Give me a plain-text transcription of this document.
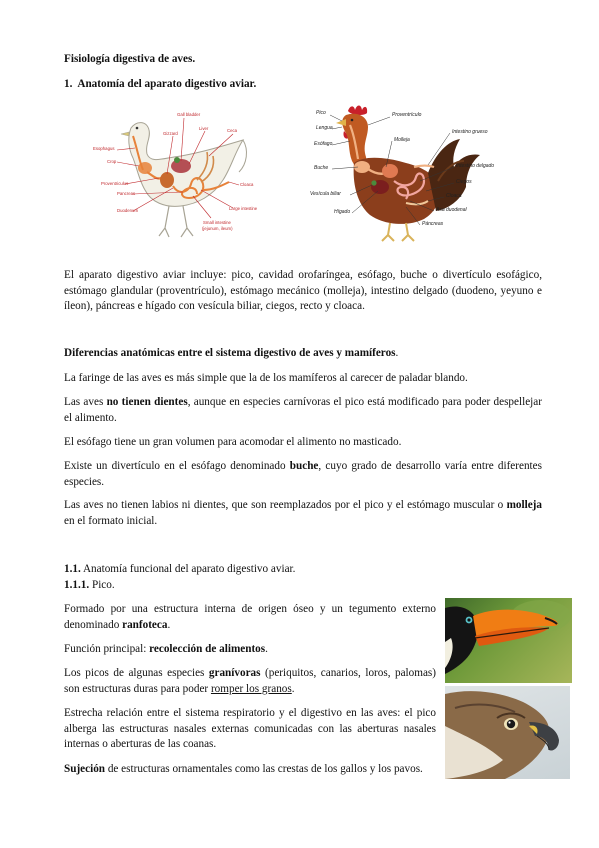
Fisiología digestiva de aves.

1. Anatomía del aparato digestivo aviar.

Gall bladder
Gizzard
Liver	Ceca
Esophagus
Crop
Proventriculus
Pancreas
Cloaca
Duodenum	Large intestine
Small intestine
(jejunum, ileum)
Pico	Proventrículo
Lengua
Molleja
Intestino grueso
Esófago
Intestino delgado
Buche
Ciegos
Vesícula biliar	Cloaca
Hígado	Asa duodenal
Páncreas

El aparato digestivo aviar incluye: pico, cavidad orofaríngea, esófago, buche o divertículo esofágico, estómago glandular (proventrículo), estómago mecánico (molleja), intestino delgado (duodeno, yeyuno e íleon), páncreas e hígado con vesícula biliar, ciegos, recto y cloaca.

Diferencias anatómicas entre el sistema digestivo de aves y mamíferos.

La faringe de las aves es más simple que la de los mamíferos al carecer de paladar blando.

Las aves no tienen dientes, aunque en especies carnívoras el pico está modificado para poder despellejar el alimento.

El esófago tiene un gran volumen para acomodar el alimento no masticado.

Existe un divertículo en el esófago denominado buche, cuyo grado de desarrollo varía entre diferentes especies.

Las aves no tienen labios ni dientes, que son reemplazados por el pico y el estómago muscular o molleja en el formato inicial.

1.1. Anatomía funcional del aparato digestivo aviar.

1.1.1. Pico.

Formado por una estructura interna de origen óseo y un tegumento externo denominado ranfoteca.

Función principal: recolección de alimentos.

Los picos de algunas especies granívoras (periquitos, canarios, loros, palomas) son estructuras duras para poder romper los granos.

Estrecha relación entre el sistema respiratorio y el digestivo en las aves: el pico alberga las estructuras nasales externas comunicadas con las aberturas nasales internas o aberturas de las coanas.

Sujeción de estructuras ornamentales como las crestas de los gallos y los pavos.
